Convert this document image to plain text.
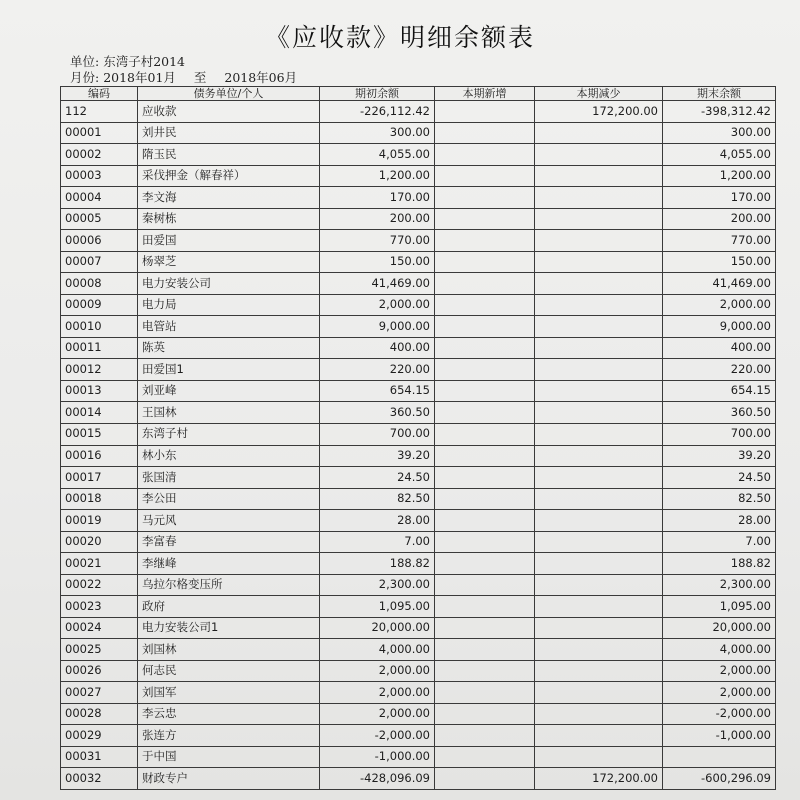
《应收款》明细余额表
单位: 东湾子村2014
月份: 2018年01月 至 2018年06月
编码	债务单位/个人	期初余额	本期新增	本期减少	期末余额
112	应收款	-226,112.42		172,200.00	-398,312.42
00001	刘井民	300.00			300.00
00002	隋玉民	4,055.00			4,055.00
00003	采伐押金（解春祥）	1,200.00			1,200.00
00004	李文海	170.00			170.00
00005	秦树栋	200.00			200.00
00006	田爱国	770.00			770.00
00007	杨翠芝	150.00			150.00
00008	电力安装公司	41,469.00			41,469.00
00009	电力局	2,000.00			2,000.00
00010	电管站	9,000.00			9,000.00
00011	陈英	400.00			400.00
00012	田爱国1	220.00			220.00
00013	刘亚峰	654.15			654.15
00014	王国林	360.50			360.50
00015	东湾子村	700.00			700.00
00016	林小东	39.20			39.20
00017	张国清	24.50			24.50
00018	李公田	82.50			82.50
00019	马元风	28.00			28.00
00020	李富春	7.00			7.00
00021	李继峰	188.82			188.82
00022	乌拉尔格变压所	2,300.00			2,300.00
00023	政府	1,095.00			1,095.00
00024	电力安装公司1	20,000.00			20,000.00
00025	刘国林	4,000.00			4,000.00
00026	何志民	2,000.00			2,000.00
00027	刘国军	2,000.00			2,000.00
00028	李云忠	2,000.00			-2,000.00
00029	张连方	-2,000.00			-1,000.00
00031	于中国	-1,000.00			
00032	财政专户	-428,096.09		172,200.00	-600,296.09
